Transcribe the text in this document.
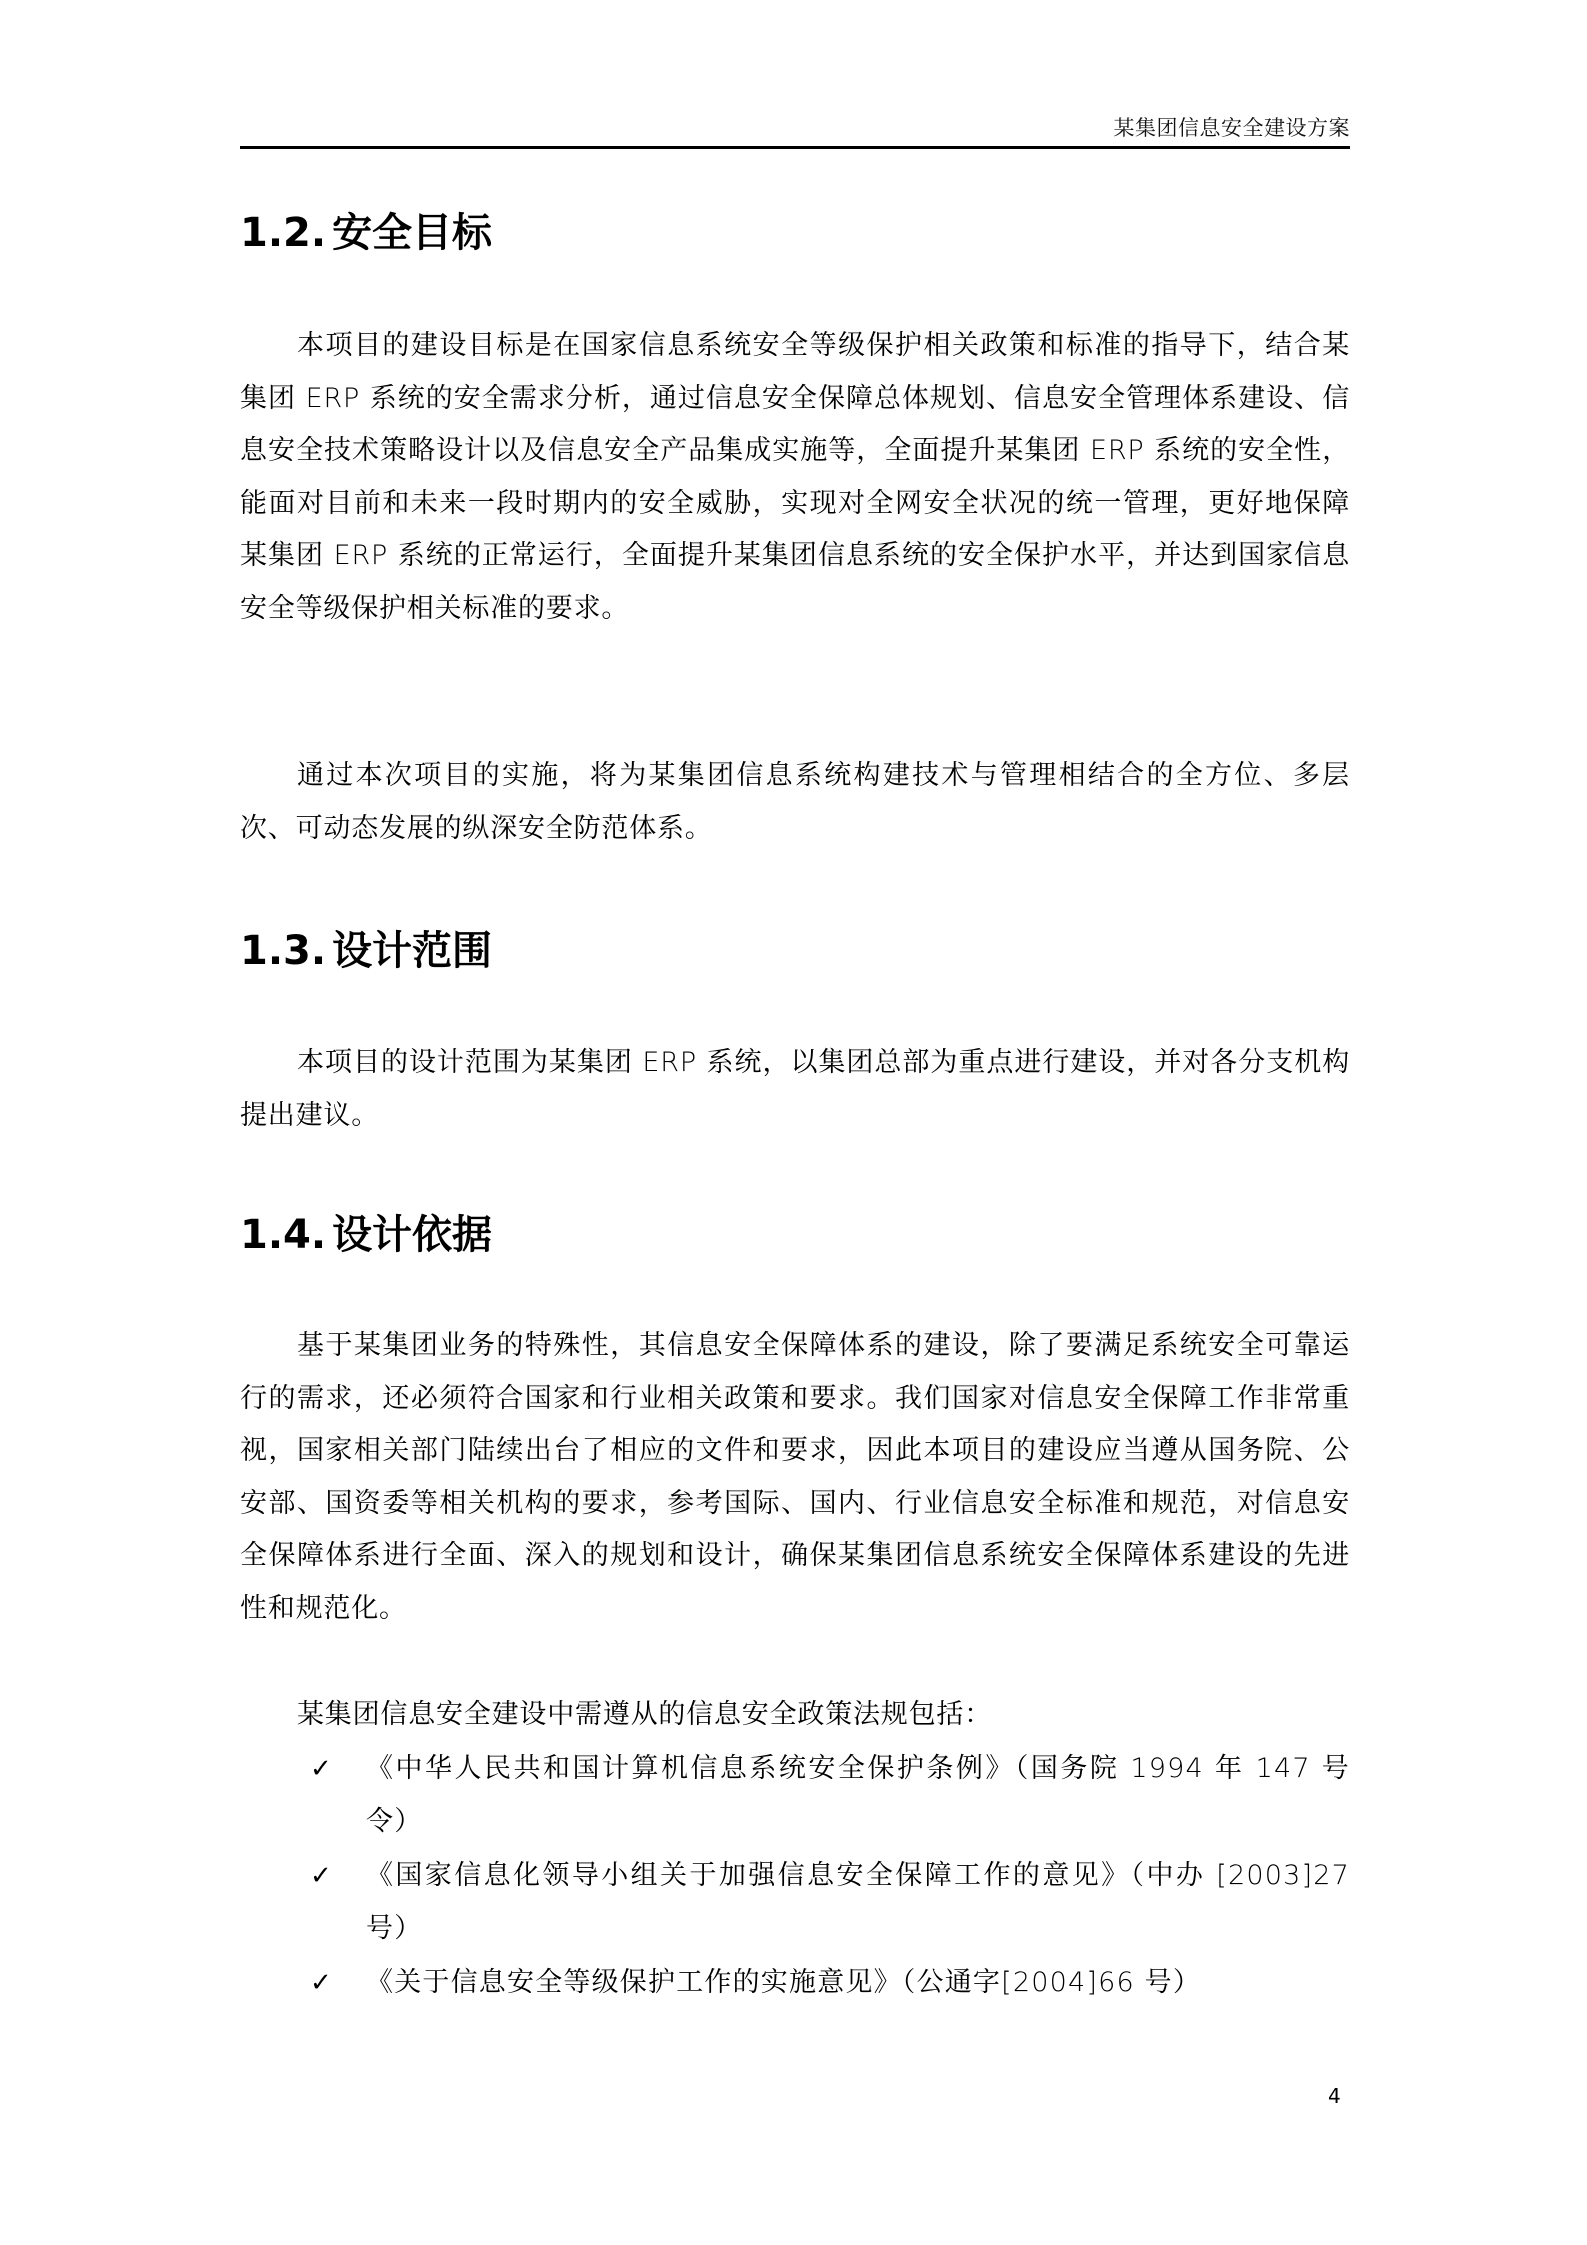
某集团信息安全建设方案
1.2. 安全目标

本项目的建设目标是在国家信息系统安全等级保护相关政策和标准的指导下，结合某集团 ERP 系统的安全需求分析，通过信息安全保障总体规划、信息安全管理体系建设、信息安全技术策略设计以及信息安全产品集成实施等，全面提升某集团 ERP 系统的安全性，能面对目前和未来一段时期内的安全威胁，实现对全网安全状况的统一管理，更好地保障某集团 ERP 系统的正常运行，全面提升某集团信息系统的安全保护水平，并达到国家信息安全等级保护相关标准的要求。

通过本次项目的实施，将为某集团信息系统构建技术与管理相结合的全方位、多层次、可动态发展的纵深安全防范体系。

1.3. 设计范围

本项目的设计范围为某集团 ERP 系统，以集团总部为重点进行建设，并对各分支机构提出建议。

1.4. 设计依据

基于某集团业务的特殊性，其信息安全保障体系的建设，除了要满足系统安全可靠运行的需求，还必须符合国家和行业相关政策和要求。我们国家对信息安全保障工作非常重视，国家相关部门陆续出台了相应的文件和要求，因此本项目的建设应当遵从国务院、公安部、国资委等相关机构的要求，参考国际、国内、行业信息安全标准和规范，对信息安全保障体系进行全面、深入的规划和设计，确保某集团信息系统安全保障体系建设的先进性和规范化。

某集团信息安全建设中需遵从的信息安全政策法规包括：

✓ 《中华人民共和国计算机信息系统安全保护条例》（国务院 1994 年 147 号令）
✓ 《国家信息化领导小组关于加强信息安全保障工作的意见》（中办 [2003]27 号）
✓ 《关于信息安全等级保护工作的实施意见》（公通字[2004]66 号）
4
